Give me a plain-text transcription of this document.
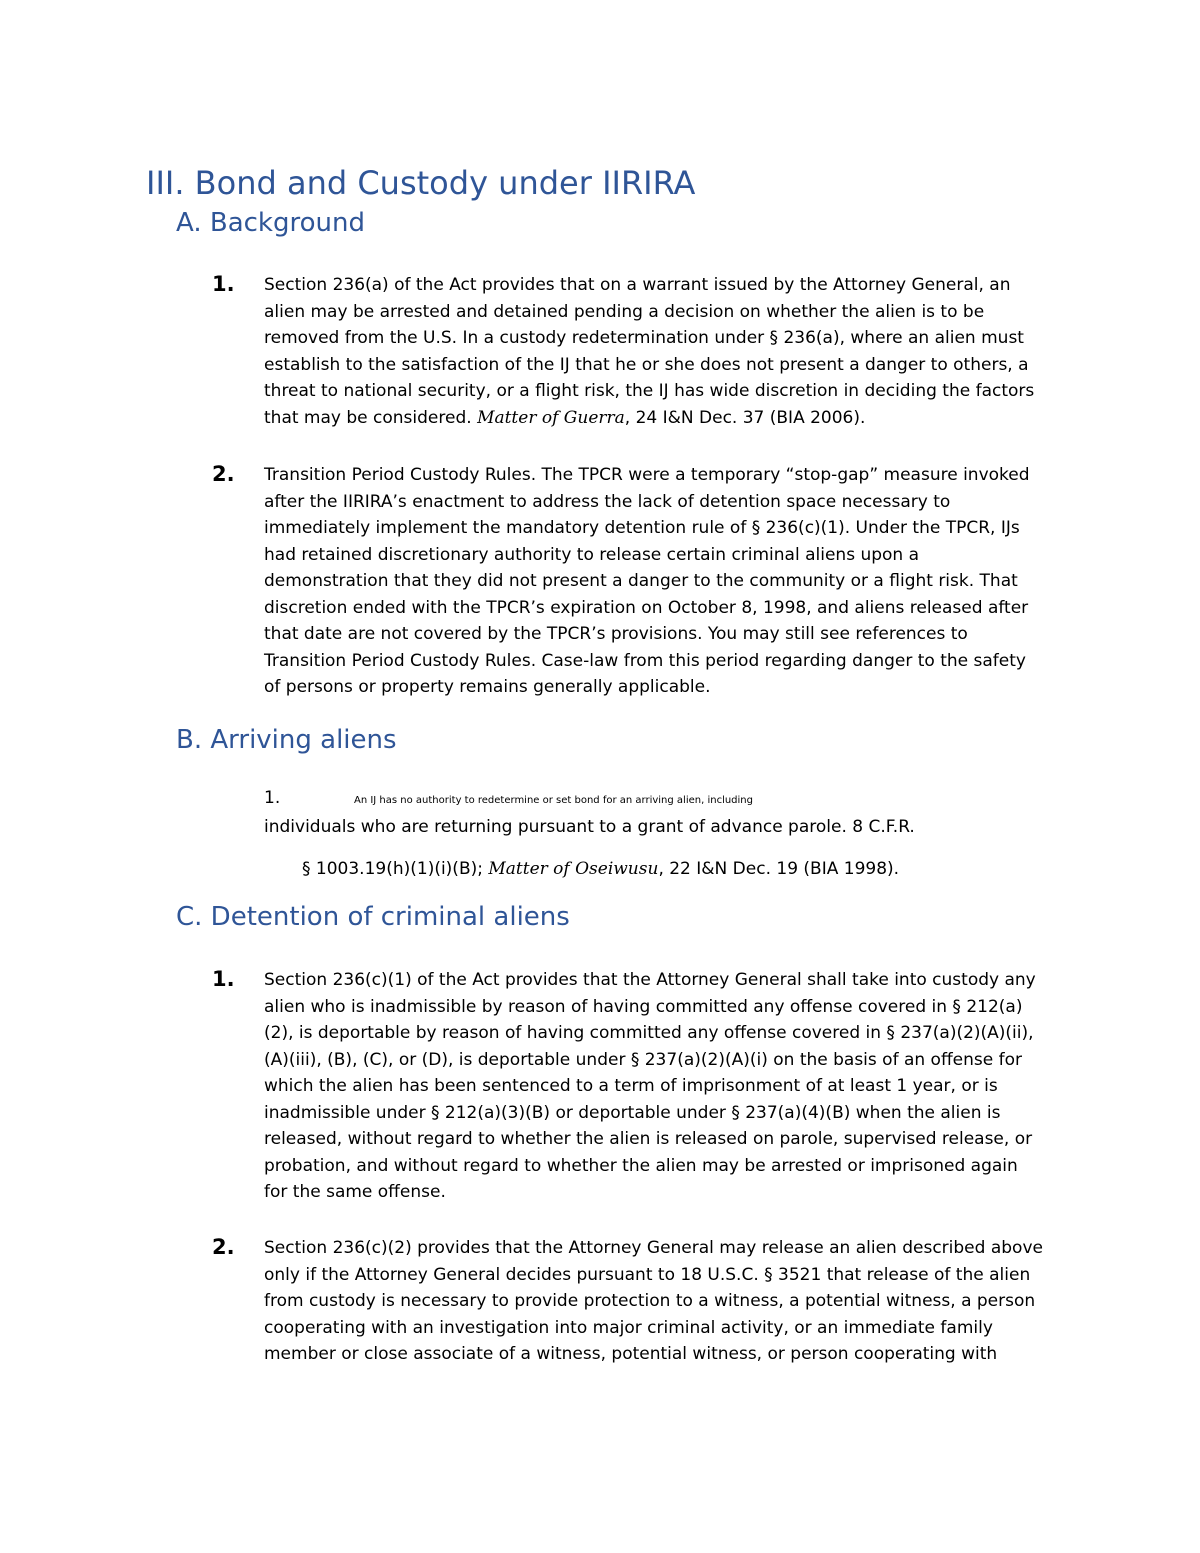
III. Bond and Custody under IIRIRA
A. Background
1. Section 236(a) of the Act provides that on a warrant issued by the Attorney General, an
alien may be arrested and detained pending a decision on whether the alien is to be
removed from the U.S. In a custody redetermination under § 236(a), where an alien must
establish to the satisfaction of the IJ that he or she does not present a danger to others, a
threat to national security, or a flight risk, the IJ has wide discretion in deciding the factors
that may be considered. Matter of Guerra, 24 I&N Dec. 37 (BIA 2006).
2. Transition Period Custody Rules. The TPCR were a temporary “stop-gap” measure invoked
after the IIRIRA’s enactment to address the lack of detention space necessary to
immediately implement the mandatory detention rule of § 236(c)(1). Under the TPCR, IJs
had retained discretionary authority to release certain criminal aliens upon a
demonstration that they did not present a danger to the community or a flight risk. That
discretion ended with the TPCR’s expiration on October 8, 1998, and aliens released after
that date are not covered by the TPCR’s provisions. You may still see references to
Transition Period Custody Rules. Case-law from this period regarding danger to the safety
of persons or property remains generally applicable.
B. Arriving aliens
1.	An IJ has no authority to redetermine or set bond for an arriving alien, including
individuals who are returning pursuant to a grant of advance parole. 8 C.F.R.
§ 1003.19(h)(1)(i)(B); Matter of Oseiwusu, 22 I&N Dec. 19 (BIA 1998).
C. Detention of criminal aliens
1. Section 236(c)(1) of the Act provides that the Attorney General shall take into custody any
alien who is inadmissible by reason of having committed any offense covered in § 212(a)
(2), is deportable by reason of having committed any offense covered in § 237(a)(2)(A)(ii),
(A)(iii), (B), (C), or (D), is deportable under § 237(a)(2)(A)(i) on the basis of an offense for
which the alien has been sentenced to a term of imprisonment of at least 1 year, or is
inadmissible under § 212(a)(3)(B) or deportable under § 237(a)(4)(B) when the alien is
released, without regard to whether the alien is released on parole, supervised release, or
probation, and without regard to whether the alien may be arrested or imprisoned again
for the same offense.
2. Section 236(c)(2) provides that the Attorney General may release an alien described above
only if the Attorney General decides pursuant to 18 U.S.C. § 3521 that release of the alien
from custody is necessary to provide protection to a witness, a potential witness, a person
cooperating with an investigation into major criminal activity, or an immediate family
member or close associate of a witness, potential witness, or person cooperating with
